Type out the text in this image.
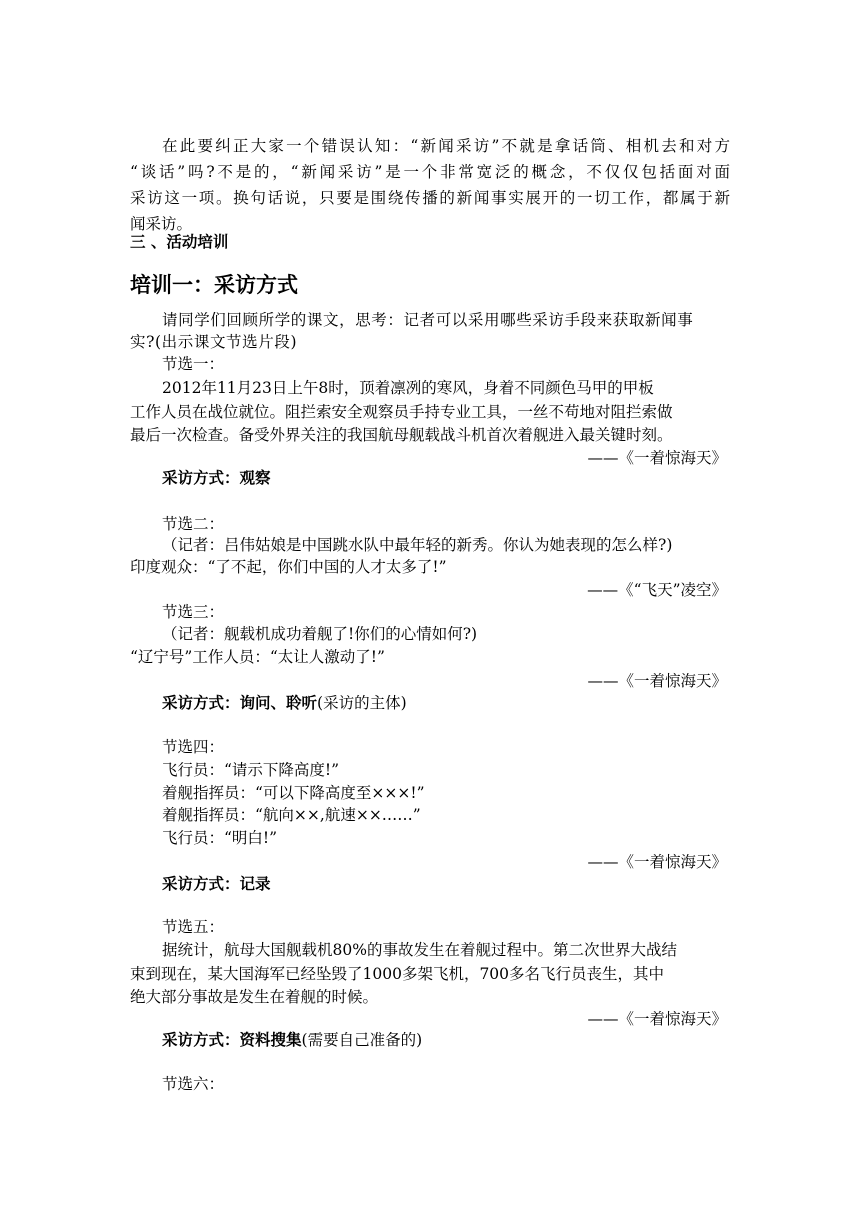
在此要纠正大家一个错误认知：“新闻采访”不就是拿话筒、相机去和对方
“谈话”吗?不是的，“新闻采访”是一个非常宽泛的概念，不仅仅包括面对面
采访这一项。换句话说，只要是围绕传播的新闻事实展开的一切工作，都属于新
闻采访。
三 、活动培训
培训一：采访方式
请同学们回顾所学的课文，思考：记者可以采用哪些采访手段来获取新闻事
实?(出示课文节选片段)
节选一：
2012年11月23日上午8时，顶着凛冽的寒风，身着不同颜色马甲的甲板
工作人员在战位就位。阻拦索安全观察员手持专业工具，一丝不苟地对阻拦索做
最后一次检查。备受外界关注的我国航母舰载战斗机首次着舰进入最关键时刻。
——《一着惊海天》
采访方式：观察
节选二：
（记者：吕伟姑娘是中国跳水队中最年轻的新秀。你认为她表现的怎么样?)
印度观众：“了不起，你们中国的人才太多了!”
——《“飞天”凌空》
节选三：
（记者：舰载机成功着舰了!你们的心情如何?)
“辽宁号”工作人员：“太让人激动了!”
——《一着惊海天》
采访方式：询问、聆听(采访的主体)
节选四：
飞行员：“请示下降高度!”
着舰指挥员：“可以下降高度至×××!”
着舰指挥员：“航向××,航速××……”
飞行员：“明白!”
——《一着惊海天》
采访方式：记录
节选五：
据统计，航母大国舰载机80%的事故发生在着舰过程中。第二次世界大战结
束到现在，某大国海军已经坠毁了1000多架飞机，700多名飞行员丧生，其中
绝大部分事故是发生在着舰的时候。
——《一着惊海天》
采访方式：资料搜集(需要自己准备的)
节选六：
